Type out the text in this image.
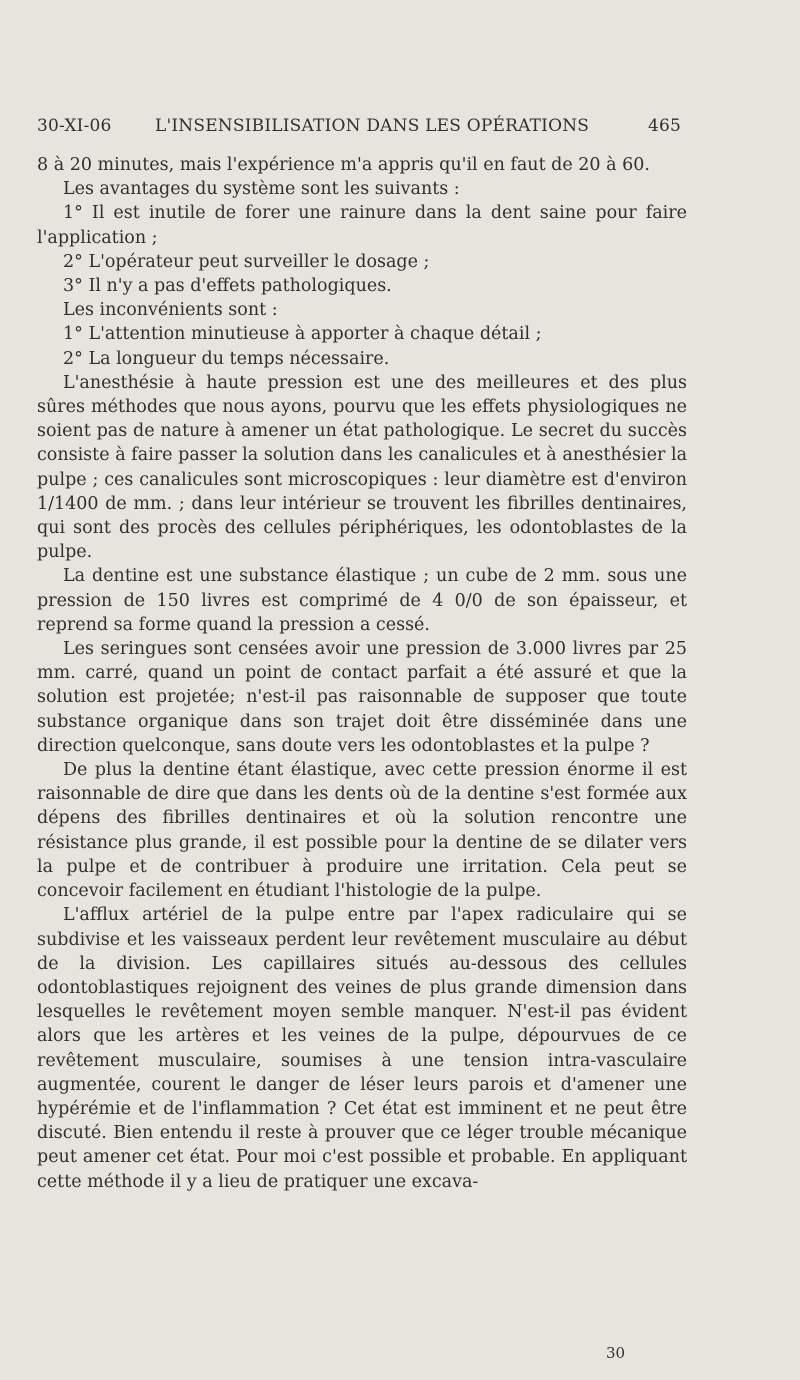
30-XI-06	L'INSENSIBILISATION DANS LES OPÉRATIONS	465

8 à 20 minutes, mais l'expérience m'a appris qu'il en faut de 20 à 60.

Les avantages du système sont les suivants :

1° Il est inutile de forer une rainure dans la dent saine pour faire l'application ;

2° L'opérateur peut surveiller le dosage ;

3° Il n'y a pas d'effets pathologiques.

Les inconvénients sont :

1° L'attention minutieuse à apporter à chaque détail ;

2° La longueur du temps nécessaire.

L'anesthésie à haute pression est une des meilleures et des plus sûres méthodes que nous ayons, pourvu que les effets physiologiques ne soient pas de nature à amener un état pathologique. Le secret du succès consiste à faire passer la solution dans les canalicules et à anesthésier la pulpe ; ces canalicules sont microscopiques : leur diamètre est d'environ 1/1400 de mm. ; dans leur intérieur se trouvent les fibrilles dentinaires, qui sont des procès des cellules périphériques, les odontoblastes de la pulpe.

La dentine est une substance élastique ; un cube de 2 mm. sous une pression de 150 livres est comprimé de 4 0/0 de son épaisseur, et reprend sa forme quand la pression a cessé.

Les seringues sont censées avoir une pression de 3.000 livres par 25 mm. carré, quand un point de contact parfait a été assuré et que la solution est projetée; n'est-il pas raisonnable de supposer que toute substance organique dans son trajet doit être disséminée dans une direction quelconque, sans doute vers les odontoblastes et la pulpe ?

De plus la dentine étant élastique, avec cette pression énorme il est raisonnable de dire que dans les dents où de la dentine s'est formée aux dépens des fibrilles dentinaires et où la solution rencontre une résistance plus grande, il est possible pour la dentine de se dilater vers la pulpe et de contribuer à produire une irritation. Cela peut se concevoir facilement en étudiant l'histologie de la pulpe.

L'afflux artériel de la pulpe entre par l'apex radiculaire qui se subdivise et les vaisseaux perdent leur revêtement musculaire au début de la division. Les capillaires situés au-dessous des cellules odontoblastiques rejoignent des veines de plus grande dimension dans lesquelles le revêtement moyen semble manquer. N'est-il pas évident alors que les artères et les veines de la pulpe, dépourvues de ce revêtement musculaire, soumises à une tension intra-vasculaire augmentée, courent le danger de léser leurs parois et d'amener une hypérémie et de l'inflammation ? Cet état est imminent et ne peut être discuté. Bien entendu il reste à prouver que ce léger trouble mécanique peut amener cet état. Pour moi c'est possible et probable. En appliquant cette méthode il y a lieu de pratiquer une excava-

30
